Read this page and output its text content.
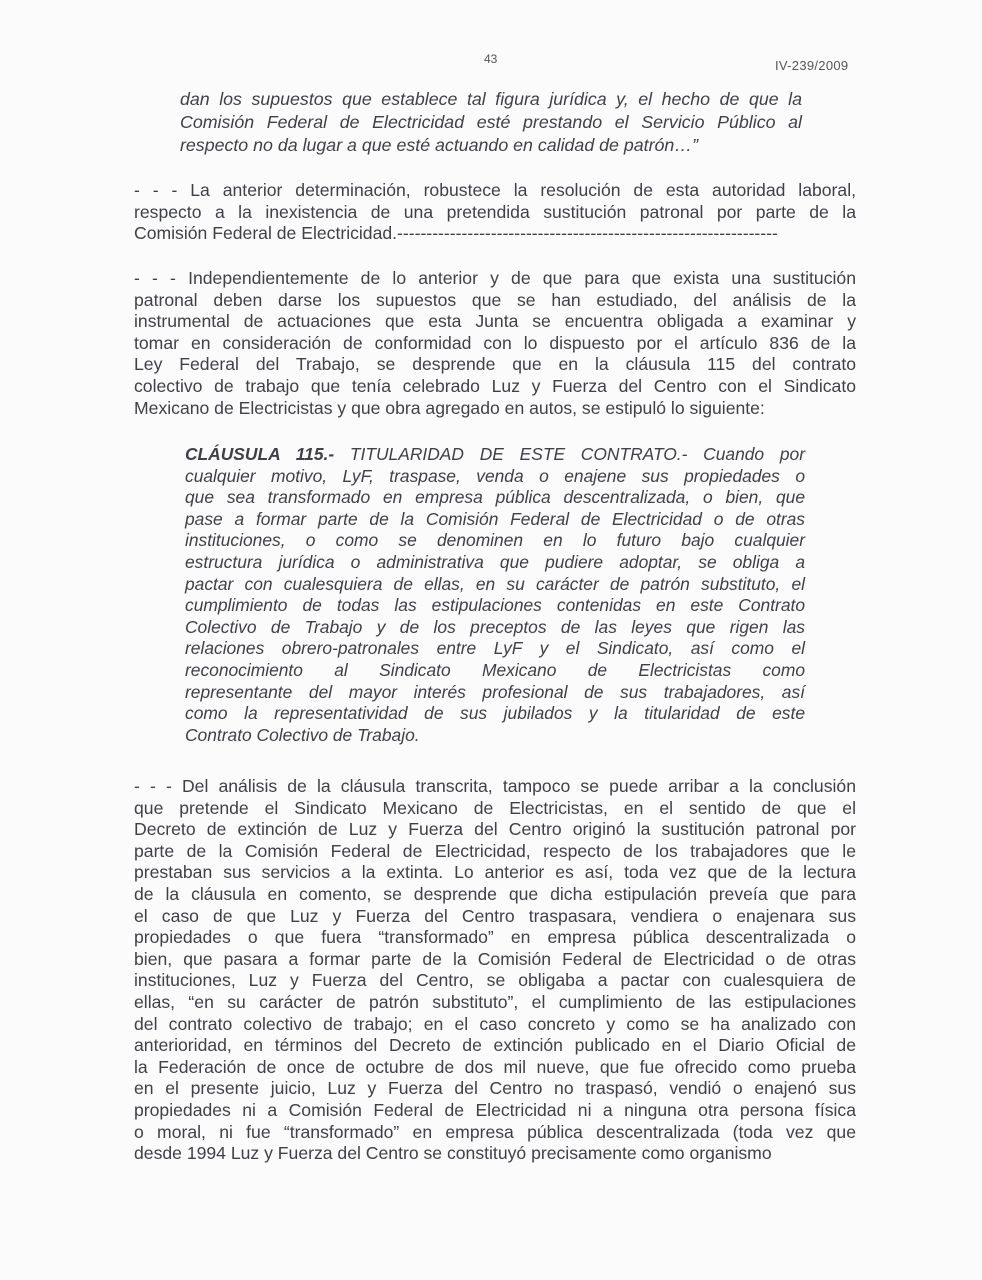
43	IV-239/2009
dan los supuestos que establece tal figura jurídica y, el hecho de que la
Comisión Federal de Electricidad esté prestando el Servicio Público al
respecto no da lugar a que esté actuando en calidad de patrón…”
- - - La anterior determinación, robustece la resolución de esta autoridad laboral,
respecto a la inexistencia de una pretendida sustitución patronal por parte de la
Comisión Federal de Electricidad.-----------------------------------------------------------------
- - - Independientemente de lo anterior y de que para que exista una sustitución
patronal deben darse los supuestos que se han estudiado, del análisis de la
instrumental de actuaciones que esta Junta se encuentra obligada a examinar y
tomar en consideración de conformidad con lo dispuesto por el artículo 836 de la
Ley Federal del Trabajo, se desprende que en la cláusula 115 del contrato
colectivo de trabajo que tenía celebrado Luz y Fuerza del Centro con el Sindicato
Mexicano de Electricistas y que obra agregado en autos, se estipuló lo siguiente:
CLÁUSULA 115.- TITULARIDAD DE ESTE CONTRATO.- Cuando por
cualquier motivo, LyF, traspase, venda o enajene sus propiedades o
que sea transformado en empresa pública descentralizada, o bien, que
pase a formar parte de la Comisión Federal de Electricidad o de otras
instituciones, o como se denominen en lo futuro bajo cualquier
estructura jurídica o administrativa que pudiere adoptar, se obliga a
pactar con cualesquiera de ellas, en su carácter de patrón substituto, el
cumplimiento de todas las estipulaciones contenidas en este Contrato
Colectivo de Trabajo y de los preceptos de las leyes que rigen las
relaciones obrero-patronales entre LyF y el Sindicato, así como el
reconocimiento al Sindicato Mexicano de Electricistas como
representante del mayor interés profesional de sus trabajadores, así
como la representatividad de sus jubilados y la titularidad de este
Contrato Colectivo de Trabajo.
- - - Del análisis de la cláusula transcrita, tampoco se puede arribar a la conclusión
que pretende el Sindicato Mexicano de Electricistas, en el sentido de que el
Decreto de extinción de Luz y Fuerza del Centro originó la sustitución patronal por
parte de la Comisión Federal de Electricidad, respecto de los trabajadores que le
prestaban sus servicios a la extinta. Lo anterior es así, toda vez que de la lectura
de la cláusula en comento, se desprende que dicha estipulación preveía que para
el caso de que Luz y Fuerza del Centro traspasara, vendiera o enajenara sus
propiedades o que fuera “transformado” en empresa pública descentralizada o
bien, que pasara a formar parte de la Comisión Federal de Electricidad o de otras
instituciones, Luz y Fuerza del Centro, se obligaba a pactar con cualesquiera de
ellas, “en su carácter de patrón substituto”, el cumplimiento de las estipulaciones
del contrato colectivo de trabajo; en el caso concreto y como se ha analizado con
anterioridad, en términos del Decreto de extinción publicado en el Diario Oficial de
la Federación de once de octubre de dos mil nueve, que fue ofrecido como prueba
en el presente juicio, Luz y Fuerza del Centro no traspasó, vendió o enajenó sus
propiedades ni a Comisión Federal de Electricidad ni a ninguna otra persona física
o moral, ni fue “transformado” en empresa pública descentralizada (toda vez que
desde 1994 Luz y Fuerza del Centro se constituyó precisamente como organismo
